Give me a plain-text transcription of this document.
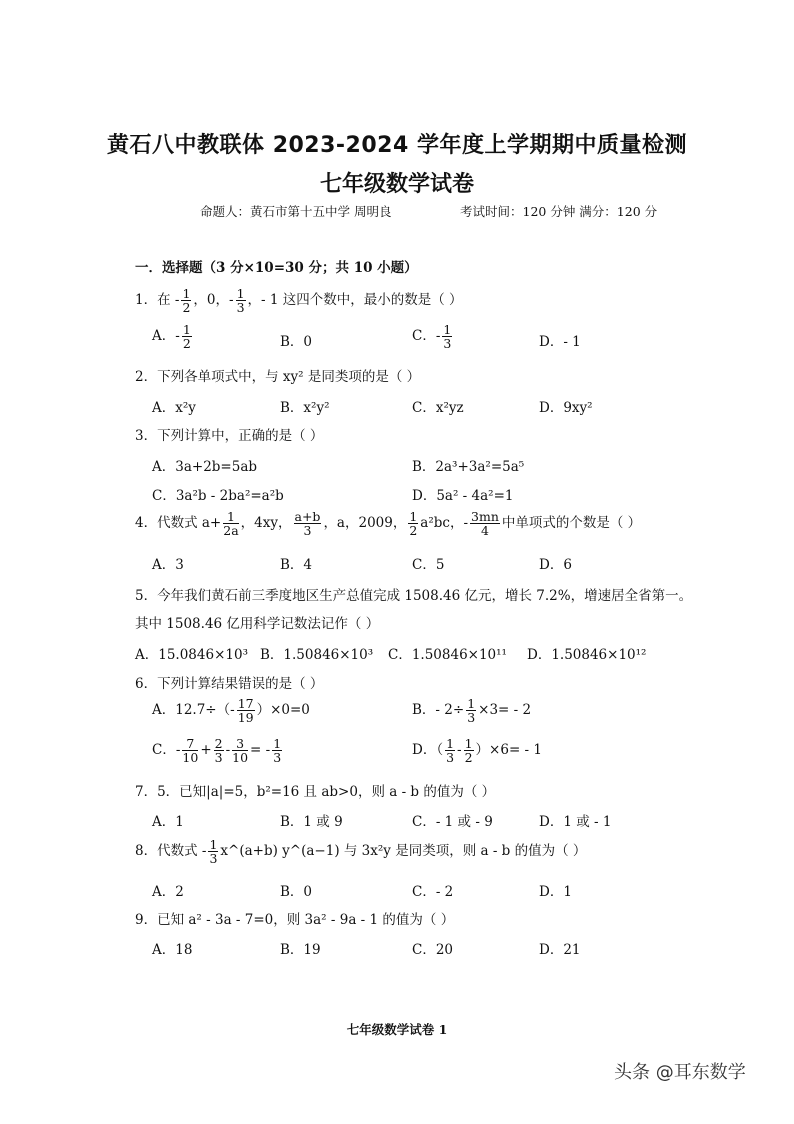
黄石八中教联体 2023-2024 学年度上学期期中质量检测
七年级数学试卷
命题人：黄石市第十五中学 周明良	考试时间：120 分钟 满分：120 分
一．选择题（3 分×10=30 分；共 10 小题）
1．在 - $\frac{1}{2}$ ，0，- $\frac{1}{3}$ ，- 1 这四个数中，最小的数是（ ）
A．- $\frac{1}{2}$	B．0	C．- $\frac{1}{3}$	D．- 1
2．下列各单项式中，与 xy² 是同类项的是（ ）
A．x²y	B．x²y²	C．x²yz	D．9xy²
3．下列计算中，正确的是（ ）
A．3a+2b=5ab	B．2a³+3a²=5a⁵
C．3a²b - 2ba²=a²b	D．5a² - 4a²=1
4．代数式 $a+ \frac{1}{2a}$ ，4xy， $\frac{a+b}{3}$ ，a，2009， $\frac{1}{2} a^2bc$，- $\frac{3mn}{4}$ 中单项式的个数是（ ）
A．3	B．4	C．5	D．6
5．今年我们黄石前三季度地区生产总值完成 1508.46 亿元，增长 7.2%，增速居全省第一。
其中 1508.46 亿用科学记数法记作（ ）
A．15.0846×10³ B．1.50846×10³ C．1.50846×10¹¹ D．1.50846×10¹²
6．下列计算结果错误的是（ ）
A．$12.7\div(- \frac{17}{19} )\times 0=0$	B．- $2\div \frac{1}{3} \times 3= - 2$
C．- $\frac{7}{10} + \frac{2}{3} - \frac{3}{10}$ = - $\frac{1}{3}$	D．（ $\frac{1}{3} - \frac{1}{2} )\times 6= - 1$
7．5．已知|a|=5，b²=16 且 ab>0，则 a - b 的值为（ ）
A．1	B．1 或 9	C．- 1 或 - 9	D．1 或 - 1
8．代数式 - $\frac{1}{3}$ x^(a+b) y^(a−1) 与 3x²y 是同类项，则 a - b 的值为（ ）
A．2	B．0	C．- 2	D．1
9．已知 a² - 3a - 7=0，则 3a² - 9a - 1 的值为（ ）
A．18	B．19	C．20	D．21
七年级数学试卷 1
头条 @耳东数学
